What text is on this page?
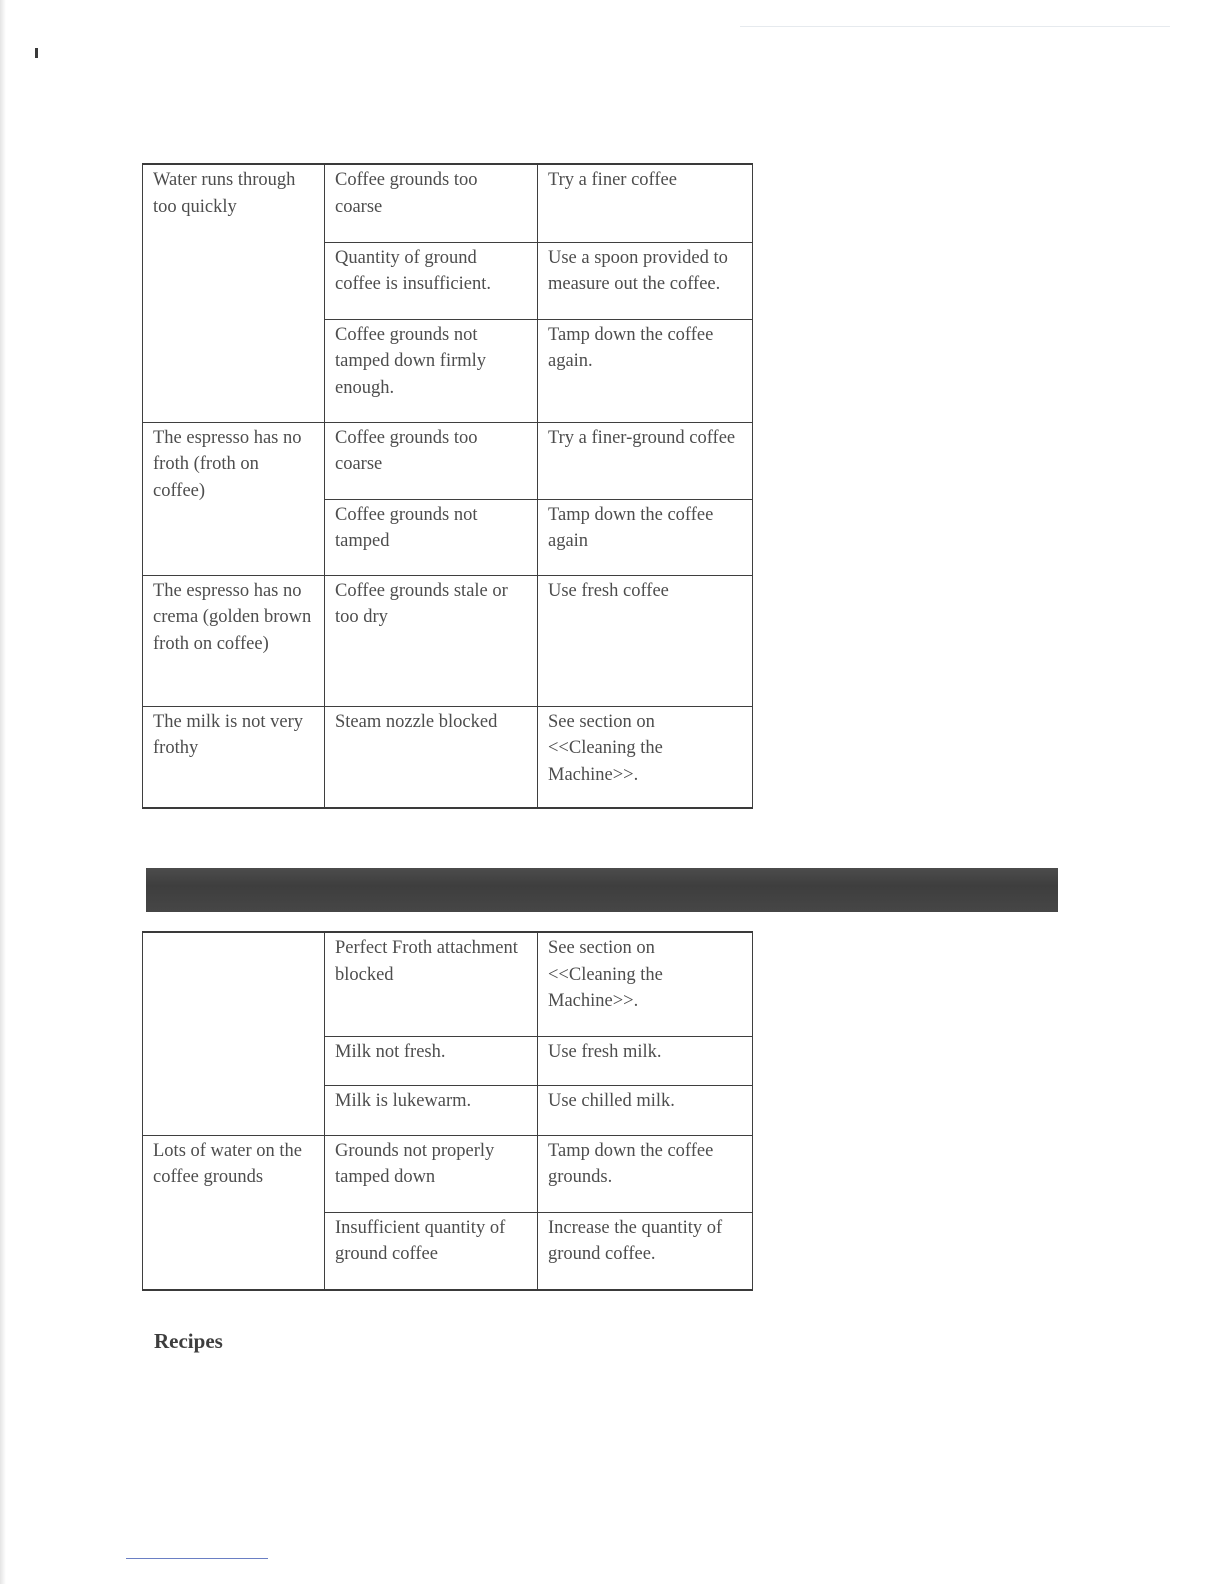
Water runs through too quickly	Coffee grounds too coarse	Try a finer coffee
	Quantity of ground coffee is insufficient.	Use a spoon provided to measure out the coffee.
	Coffee grounds not tamped down firmly enough.	Tamp down the coffee again.
The espresso has no froth (froth on coffee)	Coffee grounds too coarse	Try a finer-ground coffee
	Coffee grounds not tamped	Tamp down the coffee again
The espresso has no crema (golden brown froth on coffee)	Coffee grounds stale or too dry	Use fresh coffee
The milk is not very frothy	Steam nozzle blocked	See section on <<Cleaning the Machine>>.
	Perfect Froth attachment blocked	See section on <<Cleaning the Machine>>.
	Milk not fresh.	Use fresh milk.
	Milk is lukewarm.	Use chilled milk.
Lots of water on the coffee grounds	Grounds not properly tamped down	Tamp down the coffee grounds.
	Insufficient quantity of ground coffee	Increase the quantity of ground coffee.
Recipes
